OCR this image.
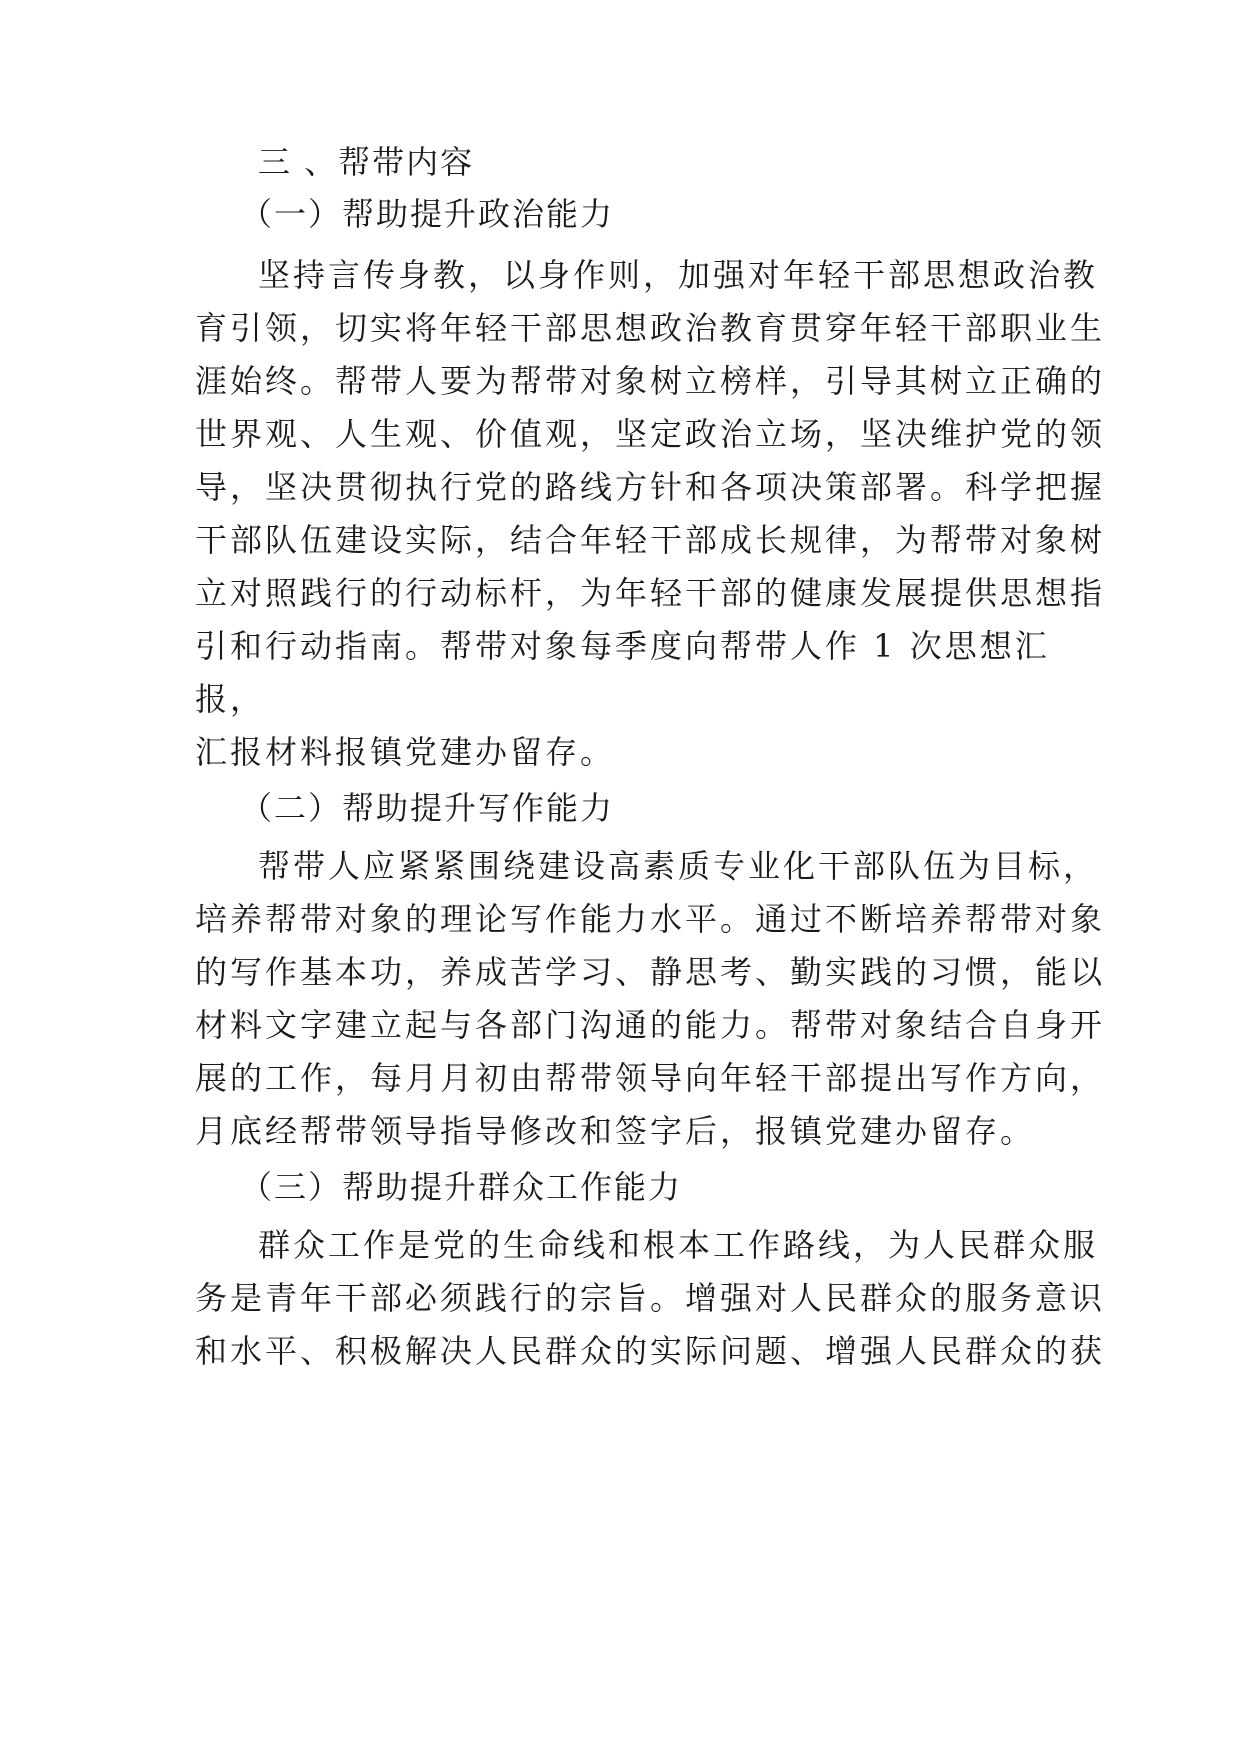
三 、帮带内容
（一）帮助提升政治能力
坚持言传身教，以身作则，加强对年轻干部思想政治教
育引领，切实将年轻干部思想政治教育贯穿年轻干部职业生
涯始终。帮带人要为帮带对象树立榜样，引导其树立正确的
世界观、人生观、价值观，坚定政治立场，坚决维护党的领
导，坚决贯彻执行党的路线方针和各项决策部署。科学把握
干部队伍建设实际，结合年轻干部成长规律，为帮带对象树
立对照践行的行动标杆，为年轻干部的健康发展提供思想指
引和行动指南。帮带对象每季度向帮带人作 1 次思想汇
报，
汇报材料报镇党建办留存。
（二）帮助提升写作能力
帮带人应紧紧围绕建设高素质专业化干部队伍为目标，
培养帮带对象的理论写作能力水平。通过不断培养帮带对象
的写作基本功，养成苦学习、静思考、勤实践的习惯，能以
材料文字建立起与各部门沟通的能力。帮带对象结合自身开
展的工作，每月月初由帮带领导向年轻干部提出写作方向，
月底经帮带领导指导修改和签字后，报镇党建办留存。
（三）帮助提升群众工作能力
群众工作是党的生命线和根本工作路线，为人民群众服
务是青年干部必须践行的宗旨。增强对人民群众的服务意识
和水平、积极解决人民群众的实际问题、增强人民群众的获
